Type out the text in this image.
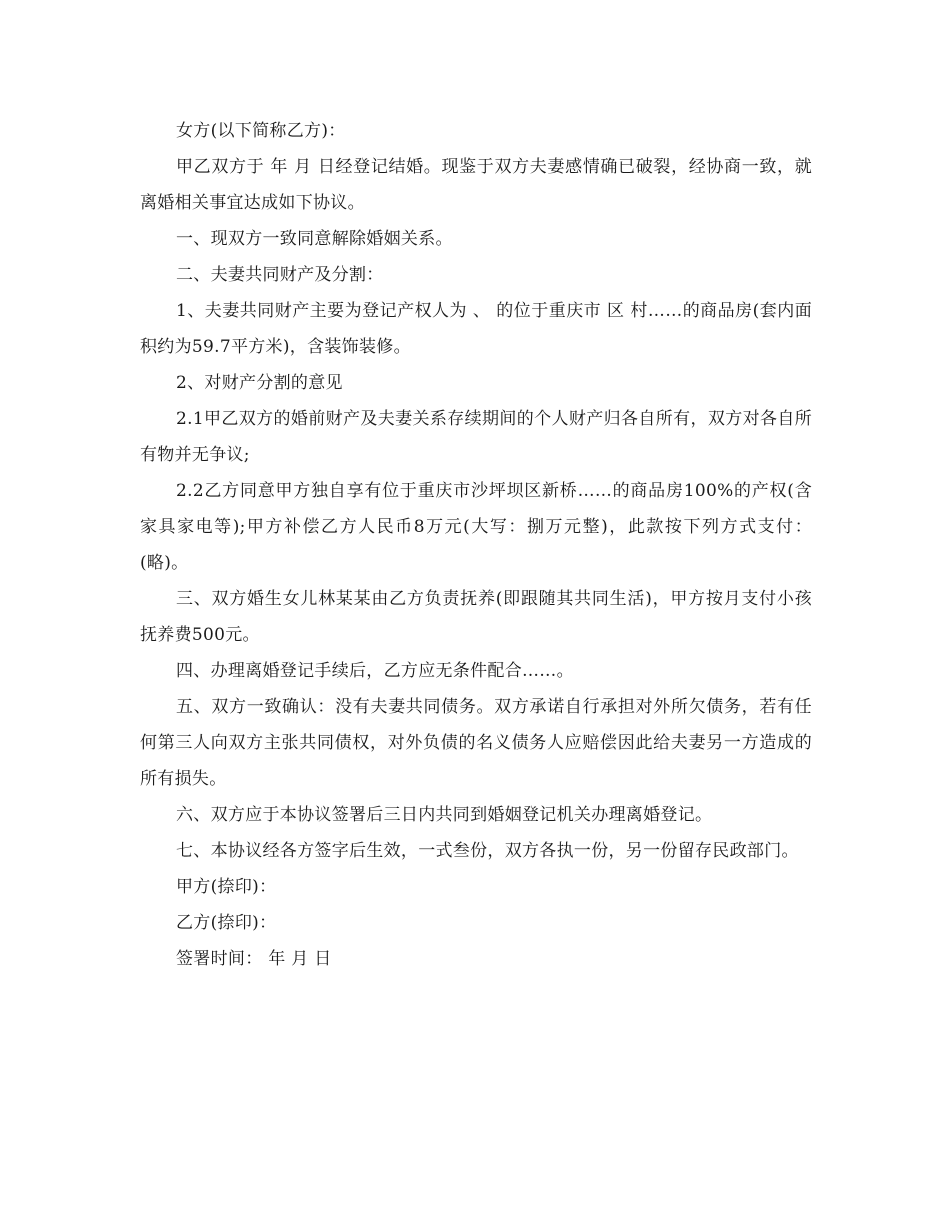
女方(以下简称乙方)：

甲乙双方于 年 月 日经登记结婚。现鉴于双方夫妻感情确已破裂，经协商一致，就离婚相关事宜达成如下协议。

一、现双方一致同意解除婚姻关系。

二、夫妻共同财产及分割：

1、夫妻共同财产主要为登记产权人为 、 的位于重庆市 区 村……的商品房(套内面积约为59.7平方米)，含装饰装修。

2、对财产分割的意见

2.1甲乙双方的婚前财产及夫妻关系存续期间的个人财产归各自所有，双方对各自所有物并无争议;

2.2乙方同意甲方独自享有位于重庆市沙坪坝区新桥……的商品房100%的产权(含家具家电等);甲方补偿乙方人民币8万元(大写：捌万元整)，此款按下列方式支付：(略)。

三、双方婚生女儿林某某由乙方负责抚养(即跟随其共同生活)，甲方按月支付小孩抚养费500元。

四、办理离婚登记手续后，乙方应无条件配合……。

五、双方一致确认：没有夫妻共同债务。双方承诺自行承担对外所欠债务，若有任何第三人向双方主张共同债权，对外负债的名义债务人应赔偿因此给夫妻另一方造成的所有损失。

六、双方应于本协议签署后三日内共同到婚姻登记机关办理离婚登记。

七、本协议经各方签字后生效，一式叁份，双方各执一份，另一份留存民政部门。

甲方(捺印)：

乙方(捺印)：

签署时间： 年 月 日
